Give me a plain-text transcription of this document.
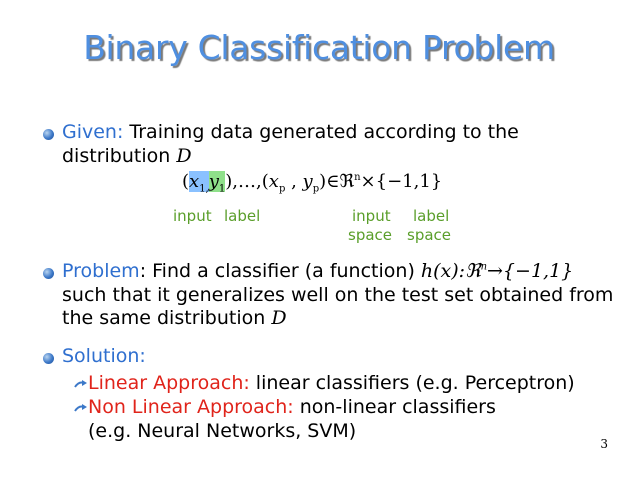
Binary Classification Problem
Given: Training data generated according to the
distribution D
$(x_{1,}y_1),\dots,(x_p$ , $y_p)\in ℜ^n\times\{-1,1\}$
input label	input
space
label
space
Problem: Find a classifier (a function) h(x):ℜ$^n$→{−1,1}
such that it generalizes well on the test set obtained from
the same distribution D
Solution:
Linear Approach: linear classifiers (e.g. Perceptron)
Non Linear Approach: non-linear classifiers
(e.g. Neural Networks, SVM)
3
